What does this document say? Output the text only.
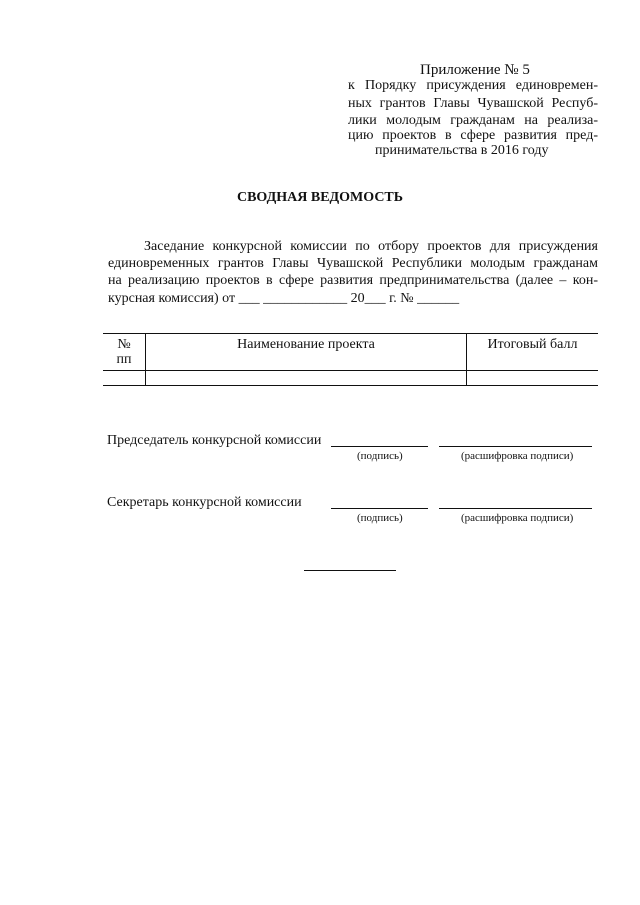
Приложение № 5
к Порядку присуждения единовремен-
ных грантов Главы Чувашской Респуб-
лики молодым гражданам на реализа-
цию проектов в сфере развития пред-
принимательства в 2016 году
СВОДНАЯ ВЕДОМОСТЬ
Заседание конкурсной комиссии по отбору проектов для присуждения
единовременных грантов Главы Чувашской Республики молодым гражданам
на реализацию проектов в сфере развития предпринимательства (далее – кон-
курсная комиссия) от ___ ____________ 20___ г. № ______
№
пп	Наименование проекта	Итоговый балл

Председатель конкурсной комиссии
(подпись)	(расшифровка подписи)
Секретарь конкурсной комиссии
(подпись)	(расшифровка подписи)
